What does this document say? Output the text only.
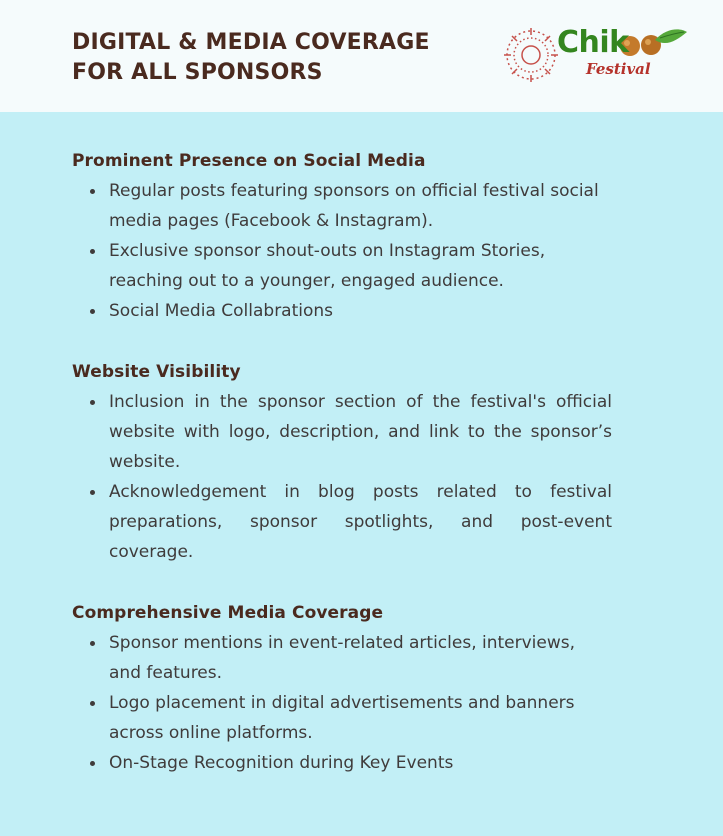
DIGITAL & MEDIA COVERAGE
FOR ALL SPONSORS
Chik
Festival
Prominent Presence on Social Media
Regular posts featuring sponsors on official festival social media pages (Facebook & Instagram).
Exclusive sponsor shout-outs on Instagram Stories, reaching out to a younger, engaged audience.
Social Media Collabrations
Website Visibility
Inclusion in the sponsor section of the festival's official website with logo, description, and link to the sponsor’s website.
Acknowledgement in blog posts related to festival preparations, sponsor spotlights, and post-event coverage.
Comprehensive Media Coverage
Sponsor mentions in event-related articles, interviews, and features.
Logo placement in digital advertisements and banners across online platforms.
On-Stage Recognition during Key Events
